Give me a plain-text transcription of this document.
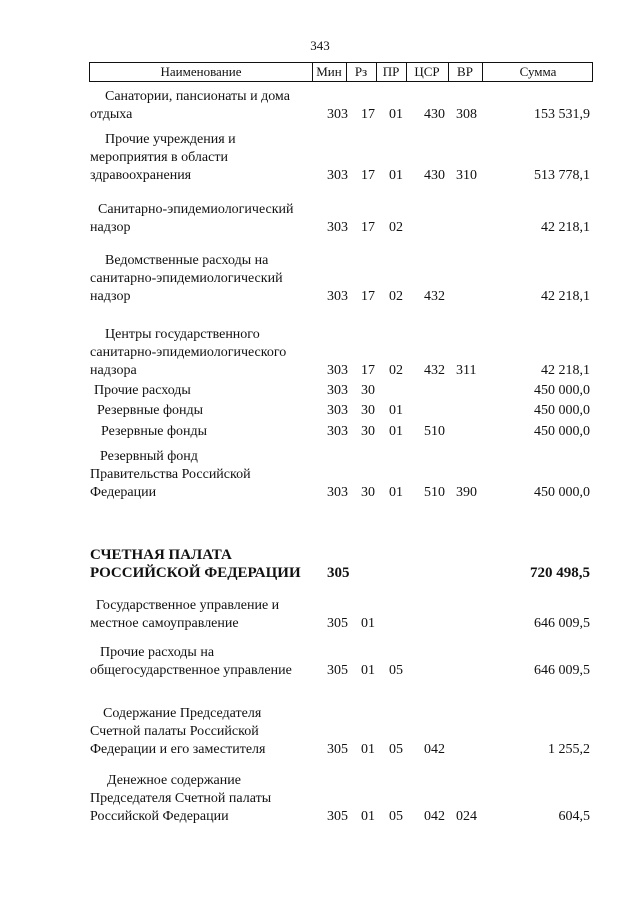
343
Наименование	Мин	Рз	ПР	ЦСР	ВР	Сумма
Санатории, пансионаты и дома
отдыха	303 17 01 430 308	153 531,9
Прочие учреждения и
мероприятия в области
здравоохранения	303 17 01 430 310	513 778,1
Санитарно-эпидемиологический
надзор	303 17 02	42 218,1
Ведомственные расходы на
санитарно-эпидемиологический
надзор	303 17 02 432	42 218,1
Центры государственного
санитарно-эпидемиологического
надзора	303 17 02 432 311	42 218,1
Прочие расходы	303 30	450 000,0
Резервные фонды	303 30 01	450 000,0
Резервные фонды	303 30 01 510	450 000,0
Резервный фонд
Правительства Российской
Федерации	303 30 01 510 390	450 000,0
СЧЕТНАЯ ПАЛАТА
РОССИЙСКОЙ ФЕДЕРАЦИИ	305	720 498,5
Государственное управление и
местное самоуправление	305 01	646 009,5
Прочие расходы на
общегосударственное управление	305 01 05	646 009,5
Содержание Председателя
Счетной палаты Российской
Федерации и его заместителя	305 01 05 042	1 255,2
Денежное содержание
Председателя Счетной палаты
Российской Федерации	305 01 05 042 024	604,5
